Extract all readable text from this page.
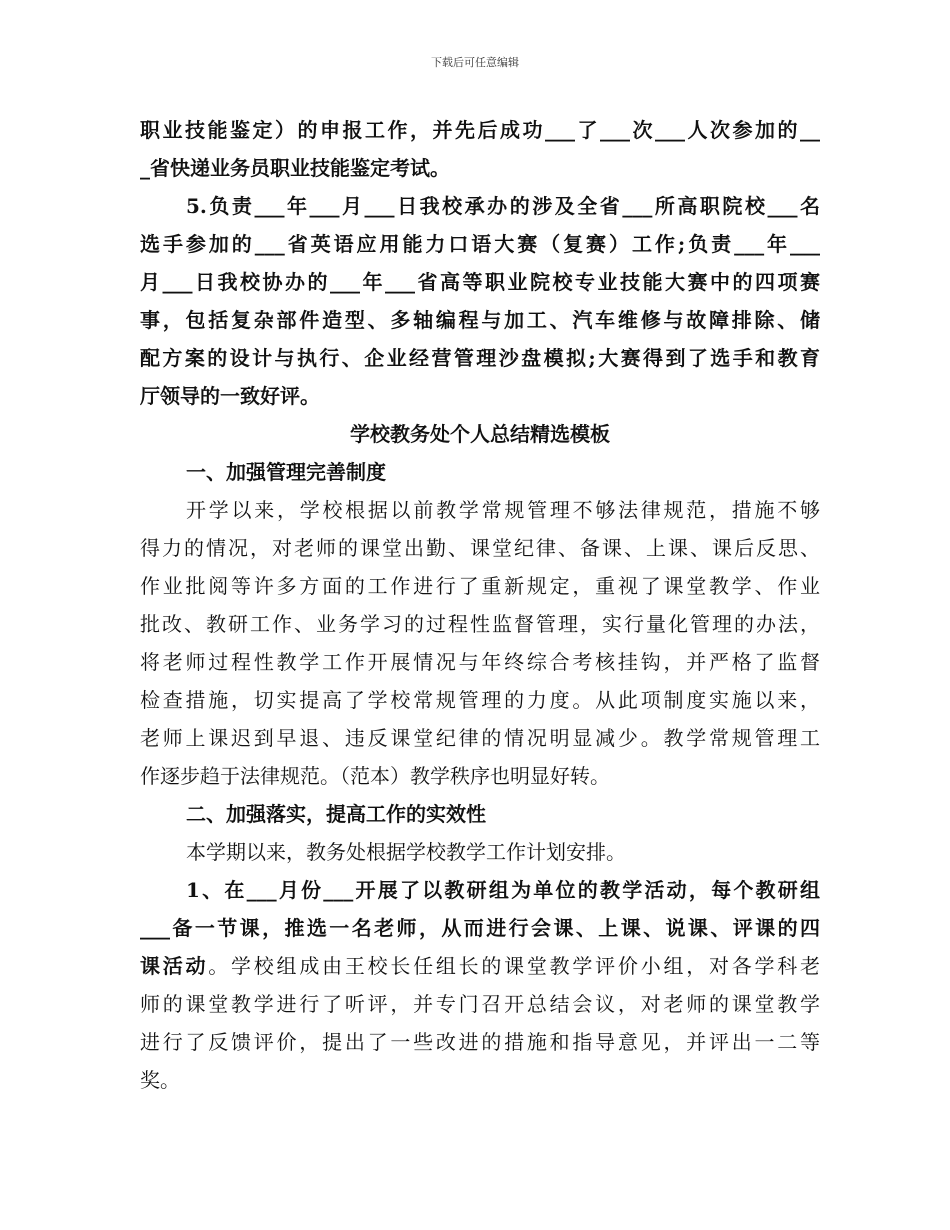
下载后可任意编辑
职业技能鉴定）的申报工作，并先后成功___了___次___人次参加的__
_省快递业务员职业技能鉴定考试。
5.负责___年___月___日我校承办的涉及全省___所高职院校___名
选手参加的___省英语应用能力口语大赛（复赛）工作;负责___年___
月___日我校协办的___年___省高等职业院校专业技能大赛中的四项赛
事，包括复杂部件造型、多轴编程与加工、汽车维修与故障排除、储
配方案的设计与执行、企业经营管理沙盘模拟;大赛得到了选手和教育
厅领导的一致好评。
学校教务处个人总结精选模板
一、加强管理完善制度
开学以来，学校根据以前教学常规管理不够法律规范，措施不够
得力的情况，对老师的课堂出勤、课堂纪律、备课、上课、课后反思、
作业批阅等许多方面的工作进行了重新规定，重视了课堂教学、作业
批改、教研工作、业务学习的过程性监督管理，实行量化管理的办法，
将老师过程性教学工作开展情况与年终综合考核挂钩，并严格了监督
检查措施，切实提高了学校常规管理的力度。从此项制度实施以来，
老师上课迟到早退、违反课堂纪律的情况明显减少。教学常规管理工
作逐步趋于法律规范。（范本）教学秩序也明显好转。
二、加强落实，提高工作的实效性
本学期以来，教务处根据学校教学工作计划安排。
1、在___月份___开展了以教研组为单位的教学活动，每个教研组
___备一节课，推选一名老师，从而进行会课、上课、说课、评课的四
课活动。学校组成由王校长任组长的课堂教学评价小组，对各学科老
师的课堂教学进行了听评，并专门召开总结会议，对老师的课堂教学
进行了反馈评价，提出了一些改进的措施和指导意见，并评出一二等
奖。
